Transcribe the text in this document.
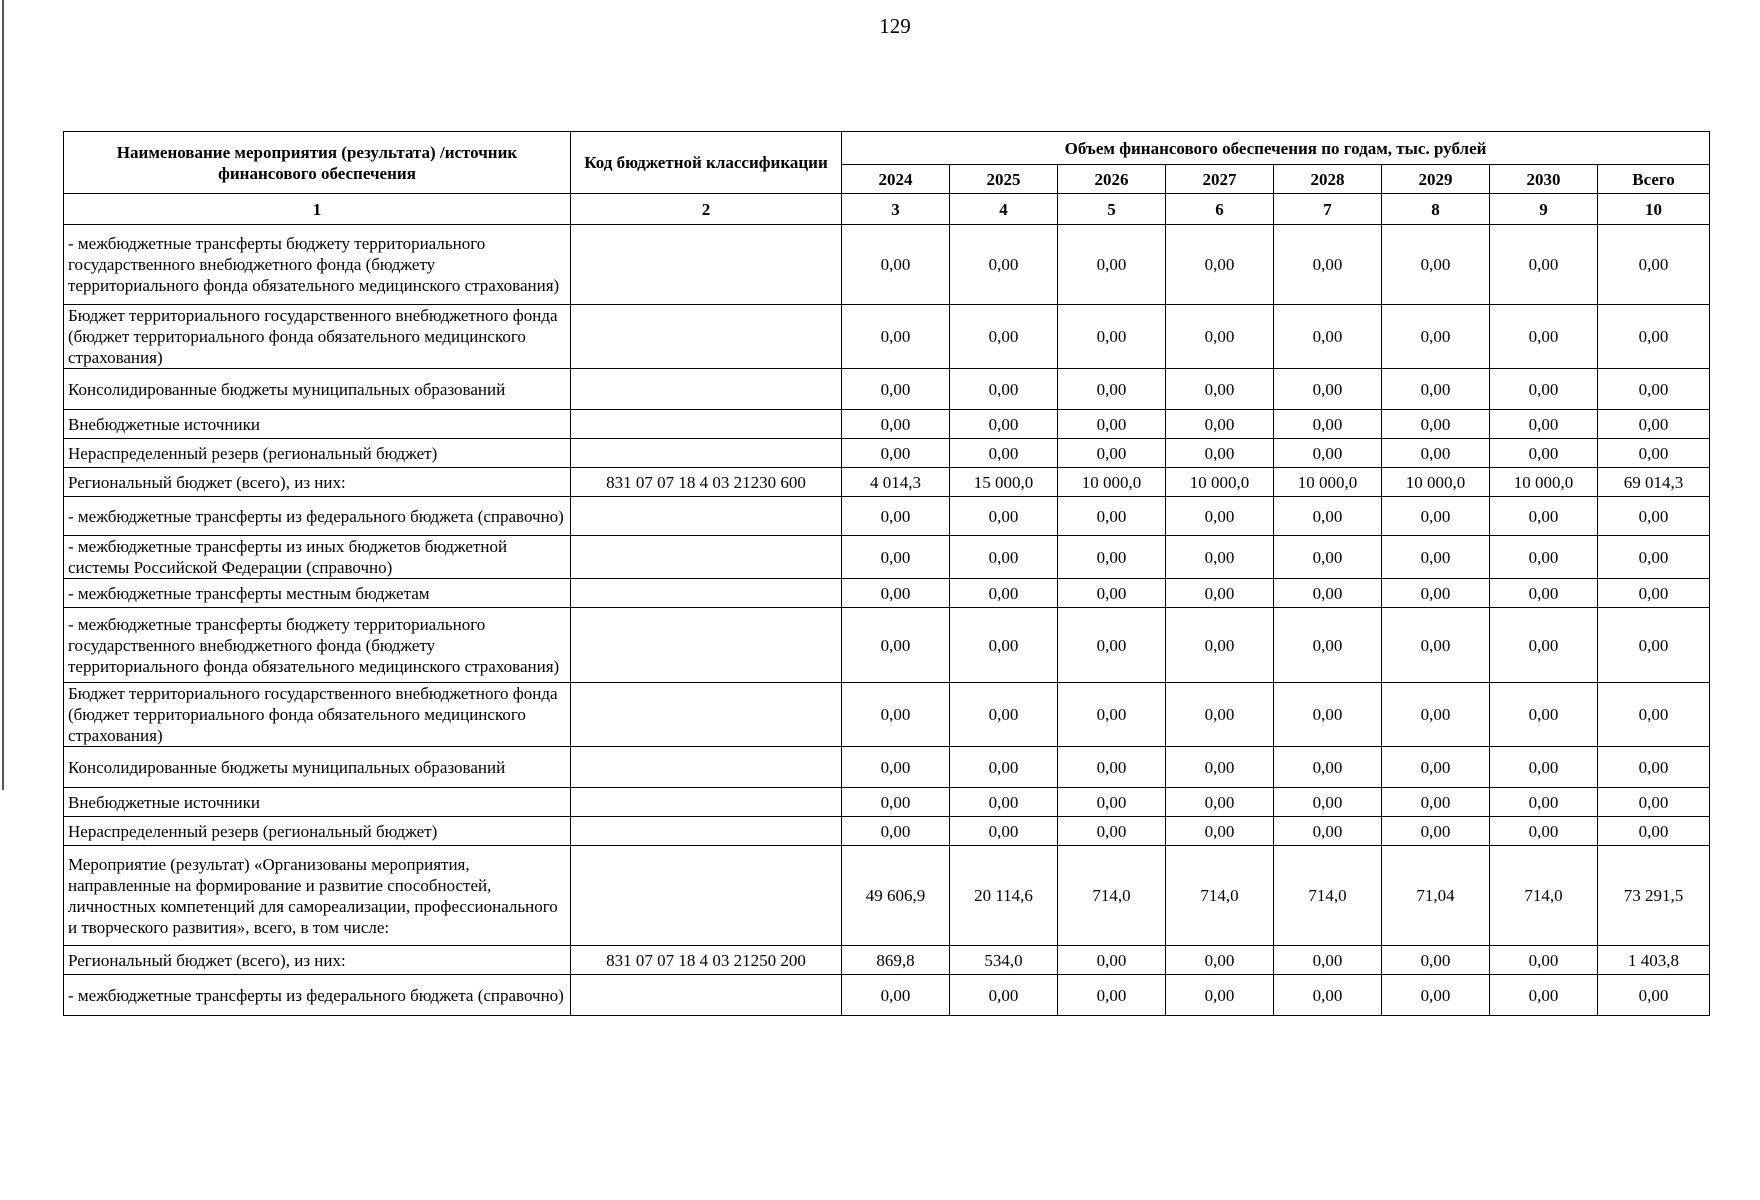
129
Наименование мероприятия (результата) /источник финансового обеспечения	Код бюджетной классификации	Объем финансового обеспечения по годам, тыс. рублей							
		2024	2025	2026	2027	2028	2029	2030	Всего
1	2	3	4	5	6	7	8	9	10
- межбюджетные трансферты бюджету территориального государственного внебюджетного фонда (бюджету территориального фонда обязательного медицинского страхования)		0,00	0,00	0,00	0,00	0,00	0,00	0,00	0,00
Бюджет территориального государственного внебюджетного фонда (бюджет территориального фонда обязательного медицинского страхования)		0,00	0,00	0,00	0,00	0,00	0,00	0,00	0,00
Консолидированные бюджеты муниципальных образований		0,00	0,00	0,00	0,00	0,00	0,00	0,00	0,00
Внебюджетные источники		0,00	0,00	0,00	0,00	0,00	0,00	0,00	0,00
Нераспределенный резерв (региональный бюджет)		0,00	0,00	0,00	0,00	0,00	0,00	0,00	0,00
Региональный бюджет (всего), из них:	831 07 07 18 4 03 21230 600	4 014,3	15 000,0	10 000,0	10 000,0	10 000,0	10 000,0	10 000,0	69 014,3
- межбюджетные трансферты из федерального бюджета (справочно)		0,00	0,00	0,00	0,00	0,00	0,00	0,00	0,00
- межбюджетные трансферты из иных бюджетов бюджетной системы Российской Федерации (справочно)		0,00	0,00	0,00	0,00	0,00	0,00	0,00	0,00
- межбюджетные трансферты местным бюджетам		0,00	0,00	0,00	0,00	0,00	0,00	0,00	0,00
- межбюджетные трансферты бюджету территориального государственного внебюджетного фонда (бюджету территориального фонда обязательного медицинского страхования)		0,00	0,00	0,00	0,00	0,00	0,00	0,00	0,00
Бюджет территориального государственного внебюджетного фонда (бюджет территориального фонда обязательного медицинского страхования)		0,00	0,00	0,00	0,00	0,00	0,00	0,00	0,00
Консолидированные бюджеты муниципальных образований		0,00	0,00	0,00	0,00	0,00	0,00	0,00	0,00
Внебюджетные источники		0,00	0,00	0,00	0,00	0,00	0,00	0,00	0,00
Нераспределенный резерв (региональный бюджет)		0,00	0,00	0,00	0,00	0,00	0,00	0,00	0,00
Мероприятие (результат) «Организованы мероприятия, направленные на формирование и развитие способностей, личностных компетенций для самореализации, профессионального и творческого развития», всего, в том числе:		49 606,9	20 114,6	714,0	714,0	714,0	71,04	714,0	73 291,5
Региональный бюджет (всего), из них:	831 07 07 18 4 03 21250 200	869,8	534,0	0,00	0,00	0,00	0,00	0,00	1 403,8
- межбюджетные трансферты из федерального бюджета (справочно)		0,00	0,00	0,00	0,00	0,00	0,00	0,00	0,00
